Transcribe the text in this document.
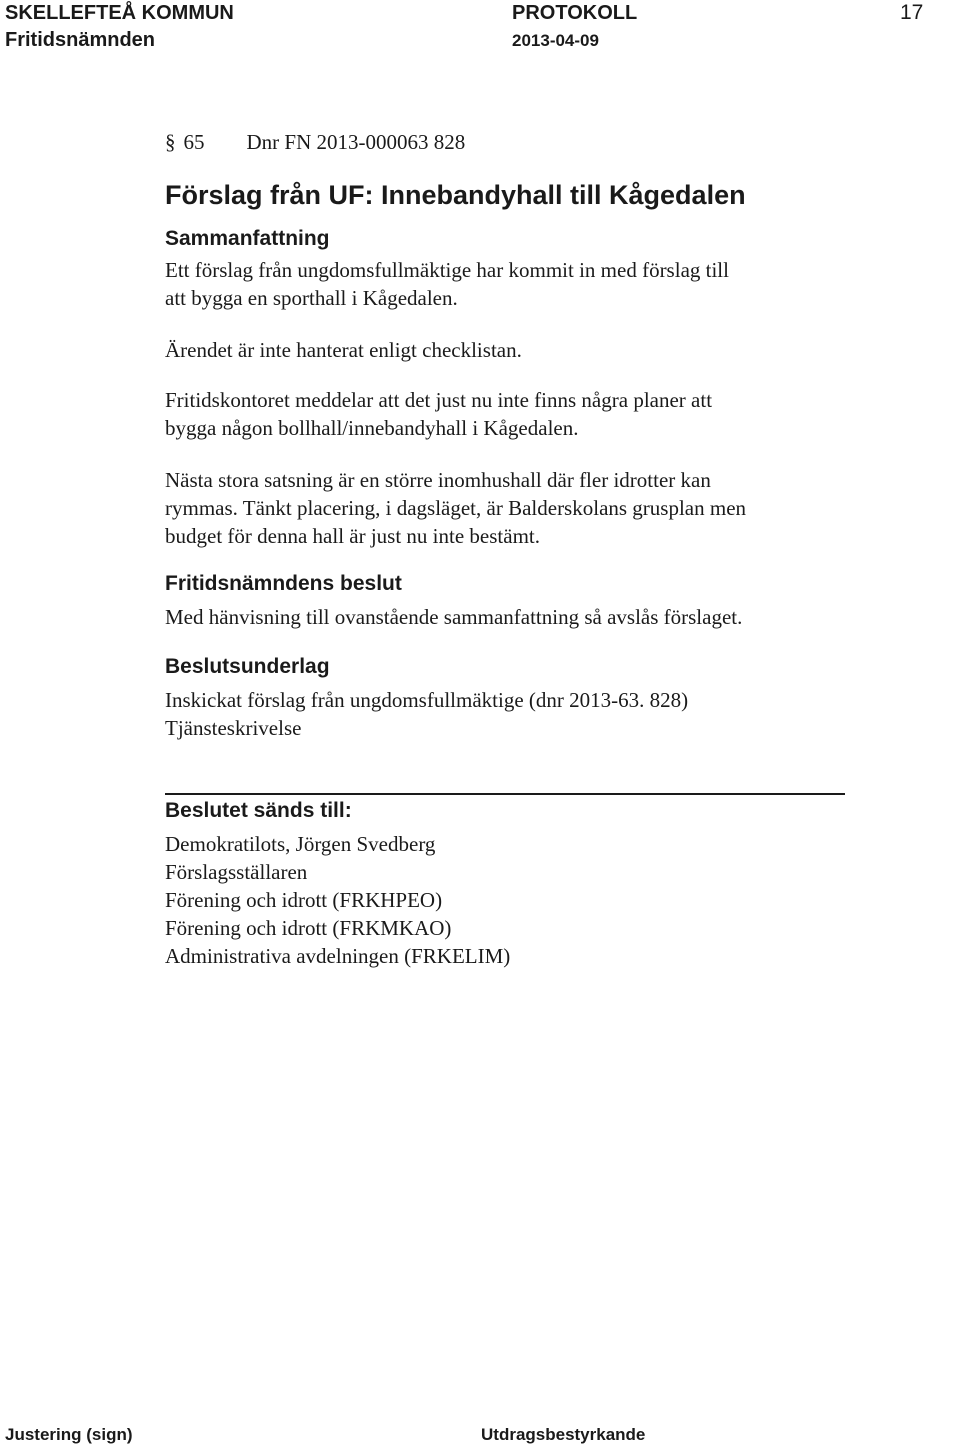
SKELLEFTEÅ KOMMUN	PROTOKOLL	17
Fritidsnämnden	2013-04-09
§ 65 Dnr FN 2013-000063 828
Förslag från UF: Innebandyhall till Kågedalen
Sammanfattning
Ett förslag från ungdomsfullmäktige har kommit in med förslag till
att bygga en sporthall i Kågedalen.
Ärendet är inte hanterat enligt checklistan.
Fritidskontoret meddelar att det just nu inte finns några planer att
bygga någon bollhall/innebandyhall i Kågedalen.
Nästa stora satsning är en större inomhushall där fler idrotter kan
rymmas. Tänkt placering, i dagsläget, är Balderskolans grusplan men
budget för denna hall är just nu inte bestämt.
Fritidsnämndens beslut
Med hänvisning till ovanstående sammanfattning så avslås förslaget.
Beslutsunderlag
Inskickat förslag från ungdomsfullmäktige (dnr 2013-63. 828)
Tjänsteskrivelse
Beslutet sänds till:
Demokratilots, Jörgen Svedberg
Förslagsställaren
Förening och idrott (FRKHPEO)
Förening och idrott (FRKMKAO)
Administrativa avdelningen (FRKELIM)
Justering (sign)	Utdragsbestyrkande
